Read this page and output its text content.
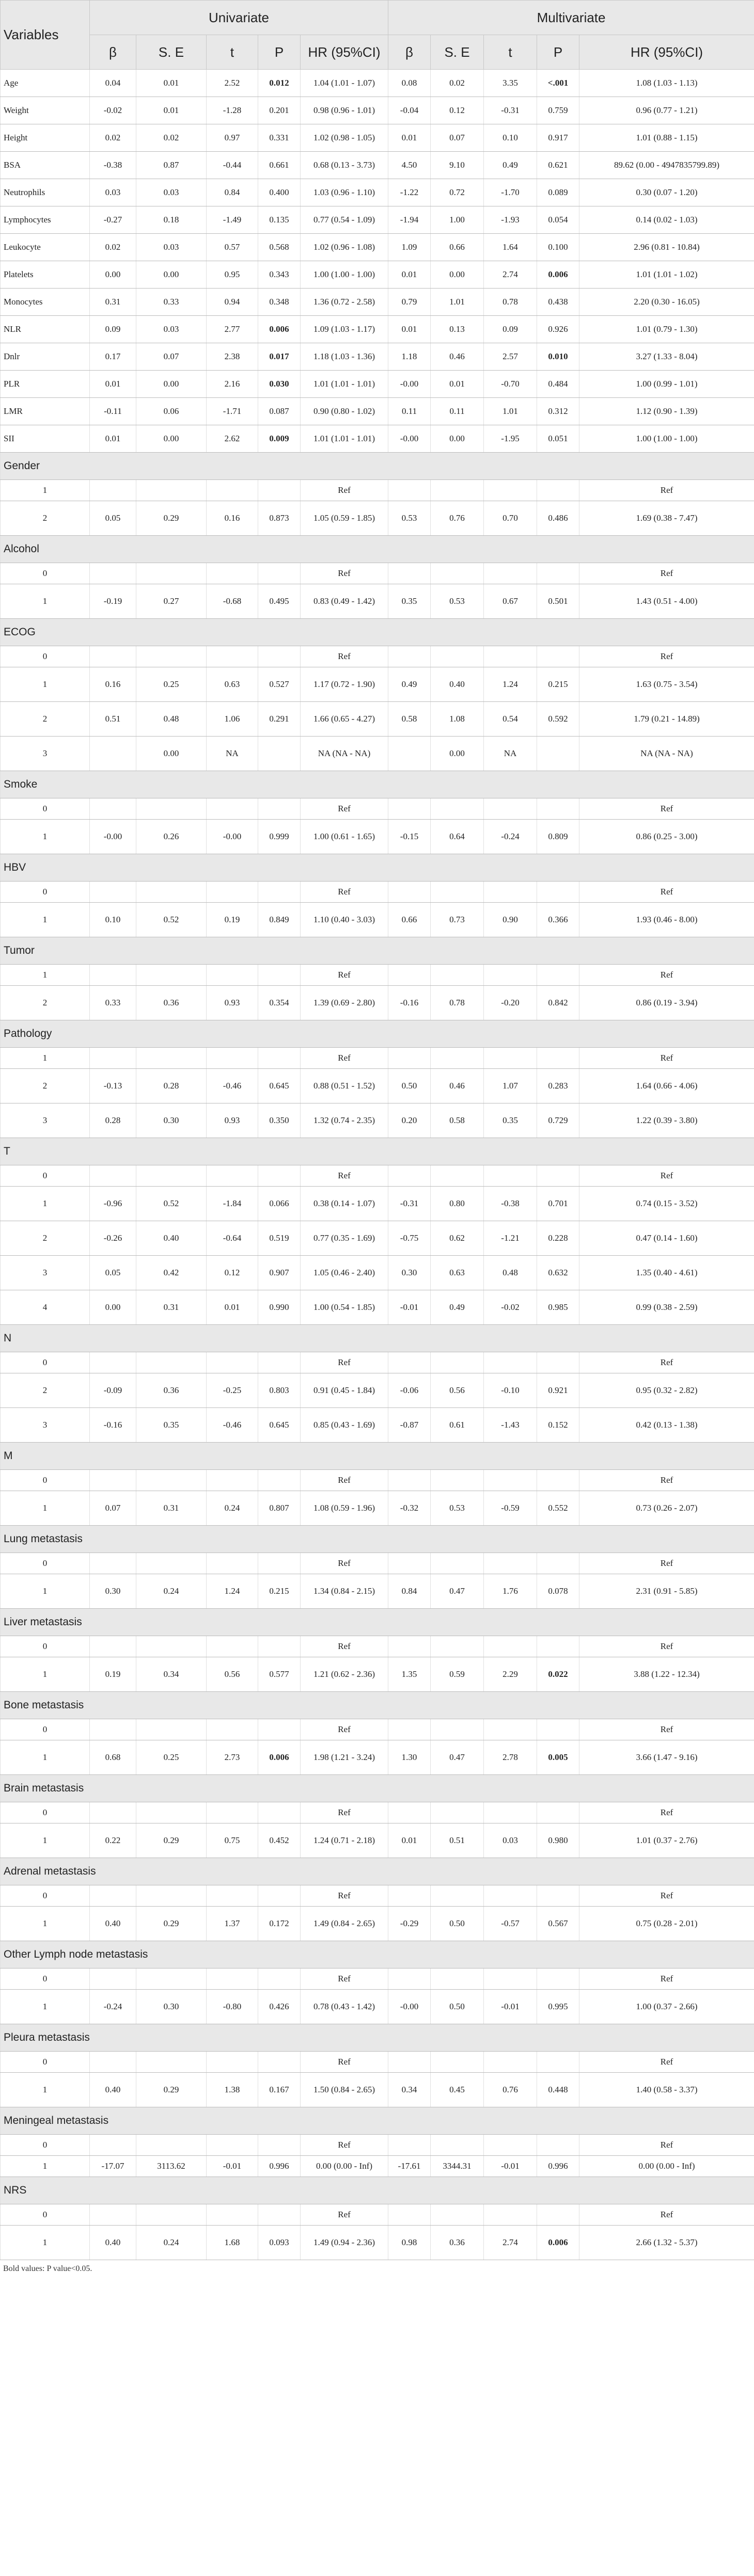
Variables	Univariate					Multivariate				
	β	S. E	t	P	HR (95%CI)	β	S. E	t	P	HR (95%CI)
Age	0.04	0.01	2.52	0.012	1.04 (1.01 - 1.07)	0.08	0.02	3.35	<.001	1.08 (1.03 - 1.13)
Weight	-0.02	0.01	-1.28	0.201	0.98 (0.96 - 1.01)	-0.04	0.12	-0.31	0.759	0.96 (0.77 - 1.21)
Height	0.02	0.02	0.97	0.331	1.02 (0.98 - 1.05)	0.01	0.07	0.10	0.917	1.01 (0.88 - 1.15)
BSA	-0.38	0.87	-0.44	0.661	0.68 (0.13 - 3.73)	4.50	9.10	0.49	0.621	89.62 (0.00 - 4947835799.89)
Neutrophils	0.03	0.03	0.84	0.400	1.03 (0.96 - 1.10)	-1.22	0.72	-1.70	0.089	0.30 (0.07 - 1.20)
Lymphocytes	-0.27	0.18	-1.49	0.135	0.77 (0.54 - 1.09)	-1.94	1.00	-1.93	0.054	0.14 (0.02 - 1.03)
Leukocyte	0.02	0.03	0.57	0.568	1.02 (0.96 - 1.08)	1.09	0.66	1.64	0.100	2.96 (0.81 - 10.84)
Platelets	0.00	0.00	0.95	0.343	1.00 (1.00 - 1.00)	0.01	0.00	2.74	0.006	1.01 (1.01 - 1.02)
Monocytes	0.31	0.33	0.94	0.348	1.36 (0.72 - 2.58)	0.79	1.01	0.78	0.438	2.20 (0.30 - 16.05)
NLR	0.09	0.03	2.77	0.006	1.09 (1.03 - 1.17)	0.01	0.13	0.09	0.926	1.01 (0.79 - 1.30)
Dnlr	0.17	0.07	2.38	0.017	1.18 (1.03 - 1.36)	1.18	0.46	2.57	0.010	3.27 (1.33 - 8.04)
PLR	0.01	0.00	2.16	0.030	1.01 (1.01 - 1.01)	-0.00	0.01	-0.70	0.484	1.00 (0.99 - 1.01)
LMR	-0.11	0.06	-1.71	0.087	0.90 (0.80 - 1.02)	0.11	0.11	1.01	0.312	1.12 (0.90 - 1.39)
SII	0.01	0.00	2.62	0.009	1.01 (1.01 - 1.01)	-0.00	0.00	-1.95	0.051	1.00 (1.00 - 1.00)
Gender										
1					Ref					Ref
2	0.05	0.29	0.16	0.873	1.05 (0.59 - 1.85)	0.53	0.76	0.70	0.486	1.69 (0.38 - 7.47)
Alcohol										
0					Ref					Ref
1	-0.19	0.27	-0.68	0.495	0.83 (0.49 - 1.42)	0.35	0.53	0.67	0.501	1.43 (0.51 - 4.00)
ECOG										
0					Ref					Ref
1	0.16	0.25	0.63	0.527	1.17 (0.72 - 1.90)	0.49	0.40	1.24	0.215	1.63 (0.75 - 3.54)
2	0.51	0.48	1.06	0.291	1.66 (0.65 - 4.27)	0.58	1.08	0.54	0.592	1.79 (0.21 - 14.89)
3		0.00	NA		NA (NA - NA)		0.00	NA		NA (NA - NA)
Smoke										
0					Ref					Ref
1	-0.00	0.26	-0.00	0.999	1.00 (0.61 - 1.65)	-0.15	0.64	-0.24	0.809	0.86 (0.25 - 3.00)
HBV										
0					Ref					Ref
1	0.10	0.52	0.19	0.849	1.10 (0.40 - 3.03)	0.66	0.73	0.90	0.366	1.93 (0.46 - 8.00)
Tumor										
1					Ref					Ref
2	0.33	0.36	0.93	0.354	1.39 (0.69 - 2.80)	-0.16	0.78	-0.20	0.842	0.86 (0.19 - 3.94)
Pathology										
1					Ref					Ref
2	-0.13	0.28	-0.46	0.645	0.88 (0.51 - 1.52)	0.50	0.46	1.07	0.283	1.64 (0.66 - 4.06)
3	0.28	0.30	0.93	0.350	1.32 (0.74 - 2.35)	0.20	0.58	0.35	0.729	1.22 (0.39 - 3.80)
T										
0					Ref					Ref
1	-0.96	0.52	-1.84	0.066	0.38 (0.14 - 1.07)	-0.31	0.80	-0.38	0.701	0.74 (0.15 - 3.52)
2	-0.26	0.40	-0.64	0.519	0.77 (0.35 - 1.69)	-0.75	0.62	-1.21	0.228	0.47 (0.14 - 1.60)
3	0.05	0.42	0.12	0.907	1.05 (0.46 - 2.40)	0.30	0.63	0.48	0.632	1.35 (0.40 - 4.61)
4	0.00	0.31	0.01	0.990	1.00 (0.54 - 1.85)	-0.01	0.49	-0.02	0.985	0.99 (0.38 - 2.59)
N										
0					Ref					Ref
2	-0.09	0.36	-0.25	0.803	0.91 (0.45 - 1.84)	-0.06	0.56	-0.10	0.921	0.95 (0.32 - 2.82)
3	-0.16	0.35	-0.46	0.645	0.85 (0.43 - 1.69)	-0.87	0.61	-1.43	0.152	0.42 (0.13 - 1.38)
M										
0					Ref					Ref
1	0.07	0.31	0.24	0.807	1.08 (0.59 - 1.96)	-0.32	0.53	-0.59	0.552	0.73 (0.26 - 2.07)
Lung metastasis										
0					Ref					Ref
1	0.30	0.24	1.24	0.215	1.34 (0.84 - 2.15)	0.84	0.47	1.76	0.078	2.31 (0.91 - 5.85)
Liver metastasis										
0					Ref					Ref
1	0.19	0.34	0.56	0.577	1.21 (0.62 - 2.36)	1.35	0.59	2.29	0.022	3.88 (1.22 - 12.34)
Bone metastasis										
0					Ref					Ref
1	0.68	0.25	2.73	0.006	1.98 (1.21 - 3.24)	1.30	0.47	2.78	0.005	3.66 (1.47 - 9.16)
Brain metastasis										
0					Ref					Ref
1	0.22	0.29	0.75	0.452	1.24 (0.71 - 2.18)	0.01	0.51	0.03	0.980	1.01 (0.37 - 2.76)
Adrenal metastasis										
0					Ref					Ref
1	0.40	0.29	1.37	0.172	1.49 (0.84 - 2.65)	-0.29	0.50	-0.57	0.567	0.75 (0.28 - 2.01)
Other Lymph node metastasis										
0					Ref					Ref
1	-0.24	0.30	-0.80	0.426	0.78 (0.43 - 1.42)	-0.00	0.50	-0.01	0.995	1.00 (0.37 - 2.66)
Pleura metastasis										
0					Ref					Ref
1	0.40	0.29	1.38	0.167	1.50 (0.84 - 2.65)	0.34	0.45	0.76	0.448	1.40 (0.58 - 3.37)
Meningeal metastasis										
0					Ref					Ref
1	-17.07	3113.62	-0.01	0.996	0.00 (0.00 - Inf)	-17.61	3344.31	-0.01	0.996	0.00 (0.00 - Inf)
NRS										
0					Ref					Ref
1	0.40	0.24	1.68	0.093	1.49 (0.94 - 2.36)	0.98	0.36	2.74	0.006	2.66 (1.32 - 5.37)
Bold values: P value<0.05.
